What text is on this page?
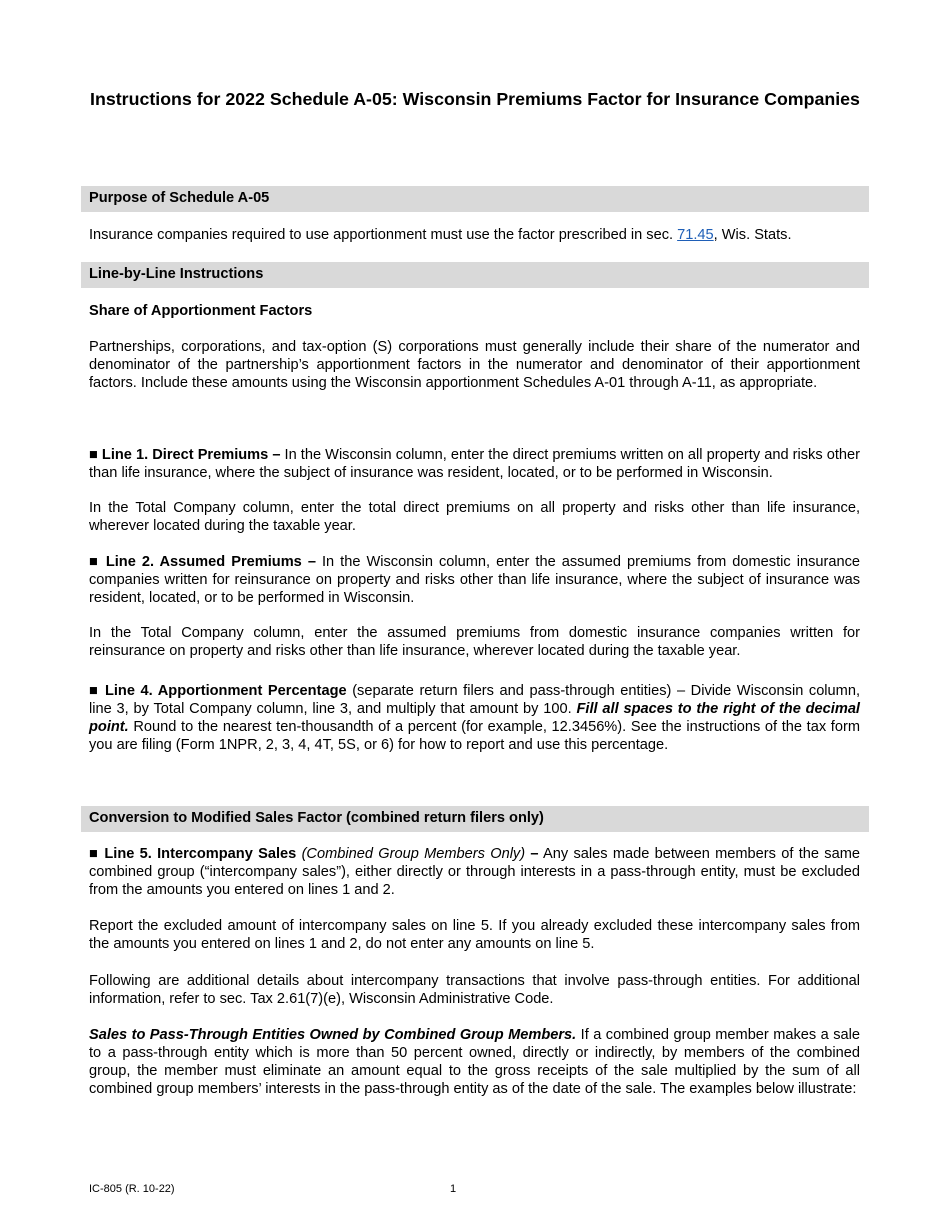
Instructions for 2022 Schedule A-05: Wisconsin Premiums Factor for Insurance Companies
Purpose of Schedule A-05
Insurance companies required to use apportionment must use the factor prescribed in sec. 71.45, Wis. Stats.
Line-by-Line Instructions
Share of Apportionment Factors
Partnerships, corporations, and tax-option (S) corporations must generally include their share of the numerator and denominator of the partnership’s apportionment factors in the numerator and denominator of their apportionment factors. Include these amounts using the Wisconsin apportionment Schedules A-01 through A-11, as appropriate.
■ Line 1. Direct Premiums – In the Wisconsin column, enter the direct premiums written on all property and risks other than life insurance, where the subject of insurance was resident, located, or to be performed in Wisconsin.
In the Total Company column, enter the total direct premiums on all property and risks other than life insurance, wherever located during the taxable year.
■ Line 2. Assumed Premiums – In the Wisconsin column, enter the assumed premiums from domestic insurance companies written for reinsurance on property and risks other than life insurance, where the subject of insurance was resident, located, or to be performed in Wisconsin.
In the Total Company column, enter the assumed premiums from domestic insurance companies written for reinsurance on property and risks other than life insurance, wherever located during the taxable year.
■ Line 4. Apportionment Percentage (separate return filers and pass-through entities) – Divide Wisconsin column, line 3, by Total Company column, line 3, and multiply that amount by 100. Fill all spaces to the right of the decimal point. Round to the nearest ten-thousandth of a percent (for example, 12.3456%). See the instructions of the tax form you are filing (Form 1NPR, 2, 3, 4, 4T, 5S, or 6) for how to report and use this percentage.
Conversion to Modified Sales Factor (combined return filers only)
■ Line 5. Intercompany Sales (Combined Group Members Only) – Any sales made between members of the same combined group (“intercompany sales”), either directly or through interests in a pass-through entity, must be excluded from the amounts you entered on lines 1 and 2.
Report the excluded amount of intercompany sales on line 5. If you already excluded these intercompany sales from the amounts you entered on lines 1 and 2, do not enter any amounts on line 5.
Following are additional details about intercompany transactions that involve pass-through entities. For additional information, refer to sec. Tax 2.61(7)(e), Wisconsin Administrative Code.
Sales to Pass-Through Entities Owned by Combined Group Members. If a combined group member makes a sale to a pass-through entity which is more than 50 percent owned, directly or indirectly, by members of the combined group, the member must eliminate an amount equal to the gross receipts of the sale multiplied by the sum of all combined group members’ interests in the pass-through entity as of the date of the sale. The examples below illustrate:
IC-805 (R. 10-22)	1
